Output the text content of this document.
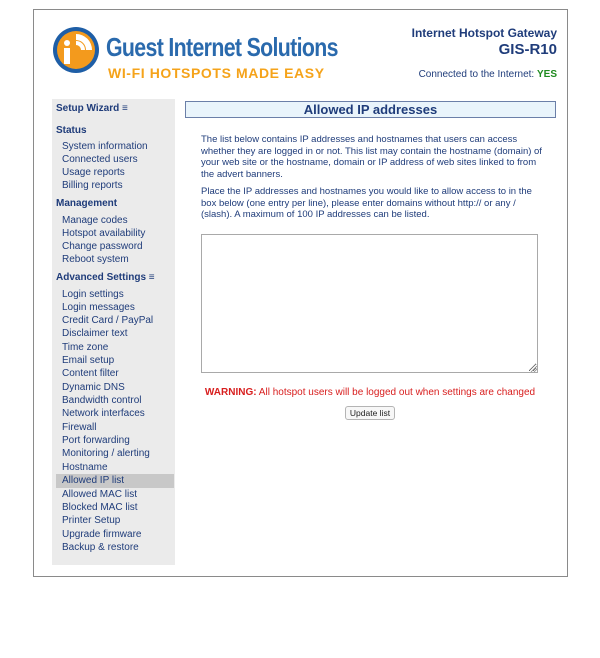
Guest Internet Solutions
WI-FI HOTSPOTS MADE EASY
Internet Hotspot Gateway
GIS-R10
Connected to the Internet: YES
Setup Wizard ≡
Status
System information
Connected users
Usage reports
Billing reports
Management
Manage codes
Hotspot availability
Change password
Reboot system
Advanced Settings ≡
Login settings
Login messages
Credit Card / PayPal
Disclaimer text
Time zone
Email setup
Content filter
Dynamic DNS
Bandwidth control
Network interfaces
Firewall
Port forwarding
Monitoring / alerting
Hostname
Allowed IP list
Allowed MAC list
Blocked MAC list
Printer Setup
Upgrade firmware
Backup & restore
Allowed IP addresses
The list below contains IP addresses and hostnames that users can access whether they are logged in or not. This list may contain the hostname (domain) of your web site or the hostname, domain or IP address of web sites linked to from the advert banners.
Place the IP addresses and hostnames you would like to allow access to in the box below (one entry per line), please enter domains without http:// or any / (slash). A maximum of 100 IP addresses can be listed.
WARNING: All hotspot users will be logged out when settings are changed
Update list
